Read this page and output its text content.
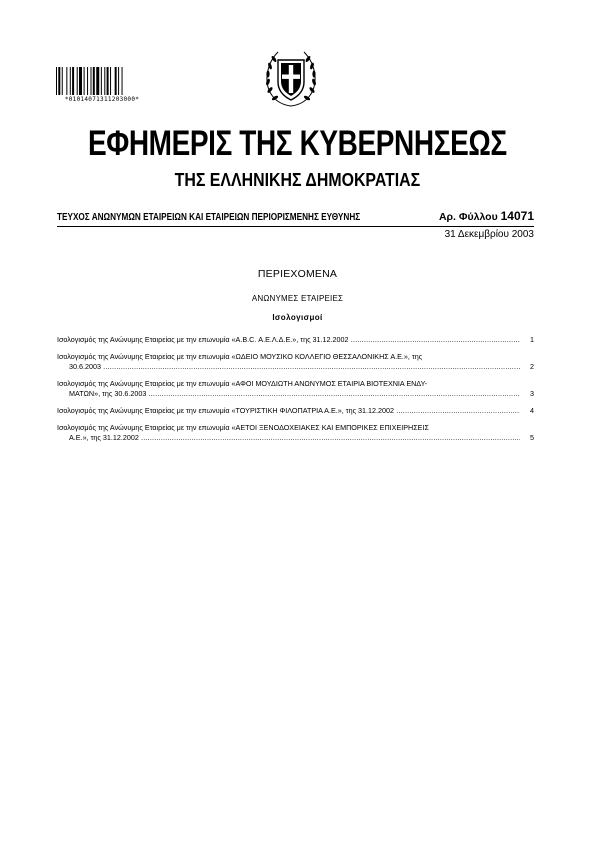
*01014071311203000*
ΕΦΗΜΕΡΙΣ ΤΗΣ ΚΥΒΕΡΝΗΣΕΩΣ
ΤΗΣ ΕΛΛΗΝΙΚΗΣ ΔΗΜΟΚΡΑΤΙΑΣ
ΤΕΥΧΟΣ ΑΝΩΝΥΜΩΝ ΕΤΑΙΡΕΙΩΝ ΚΑΙ ΕΤΑΙΡΕΙΩΝ ΠΕΡΙΟΡΙΣΜΕΝΗΣ ΕΥΘΥΝΗΣ	Αρ. Φύλλου 14071
31 Δεκεμβρίου 2003
ΠΕΡΙΕΧΟΜΕΝΑ
ΑΝΩΝΥΜΕΣ ΕΤΑΙΡΕΙΕΣ
Ισολογισμοί
Ισολογισμός της Ανώνυμης Εταιρείας με την επωνυμία «Α.Β.C. Α.Ε.Λ.Δ.Ε.», της 31.12.2002 .....	1
Ισολογισμός της Ανώνυμης Εταιρείας με την επωνυμία «ΩΔΕΙΟ ΜΟΥΣΙΚΟ ΚΟΛΛΕΓΙΟ ΘΕΣΣΑΛΟΝΙΚΗΣ Α.Ε.», της
30.6.2003 .....	2
Ισολογισμός της Ανώνυμης Εταιρείας με την επωνυμία «ΑΦΟΙ ΜΟΥΔΙΩΤΗ ΑΝΩΝΥΜΟΣ ΕΤΑΙΡΙΑ ΒΙΟΤΕΧΝΙΑ ΕΝΔΥ-
ΜΑΤΩΝ», της 30.6.2003 .....	3
Ισολογισμός της Ανώνυμης Εταιρείας με την επωνυμία «ΤΟΥΡΙΣΤΙΚΗ ΦΙΛΟΠΑΤΡΙΑ Α.Ε.», της 31.12.2002 .....	4
Ισολογισμός της Ανώνυμης Εταιρείας με την επωνυμία «ΑΕΤΟΙ ΞΕΝΟΔΟΧΕΙΑΚΕΣ ΚΑΙ ΕΜΠΟΡΙΚΕΣ ΕΠΙΧΕΙΡΗΣΕΙΣ
Α.Ε.», της 31.12.2002 .....	5
